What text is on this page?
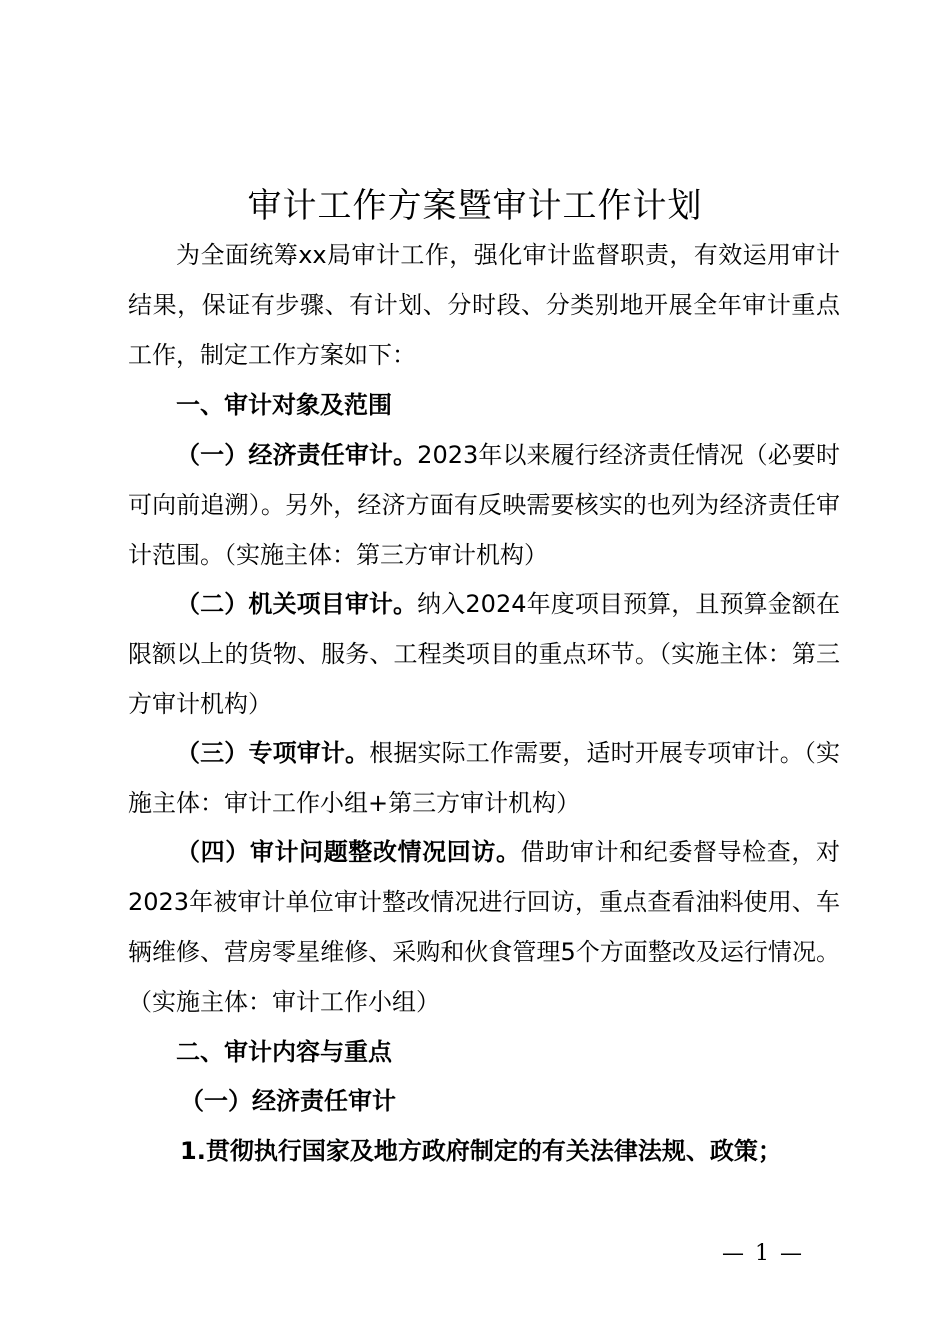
审计工作方案暨审计工作计划

为全面统筹xx局审计工作，强化审计监督职责，有效运用审计结果，保证有步骤、有计划、分时段、分类别地开展全年审计重点工作，制定工作方案如下：

一、审计对象及范围

（一）经济责任审计。2023年以来履行经济责任情况（必要时可向前追溯）。另外，经济方面有反映需要核实的也列为经济责任审计范围。（实施主体：第三方审计机构）

（二）机关项目审计。纳入2024年度项目预算，且预算金额在限额以上的货物、服务、工程类项目的重点环节。（实施主体：第三方审计机构）

（三）专项审计。根据实际工作需要，适时开展专项审计。（实施主体：审计工作小组+第三方审计机构）

（四）审计问题整改情况回访。借助审计和纪委督导检查，对2023年被审计单位审计整改情况进行回访，重点查看油料使用、车辆维修、营房零星维修、采购和伙食管理5个方面整改及运行情况。（实施主体：审计工作小组）

二、审计内容与重点

（一）经济责任审计

1.贯彻执行国家及地方政府制定的有关法律法规、政策；

— 1 —
